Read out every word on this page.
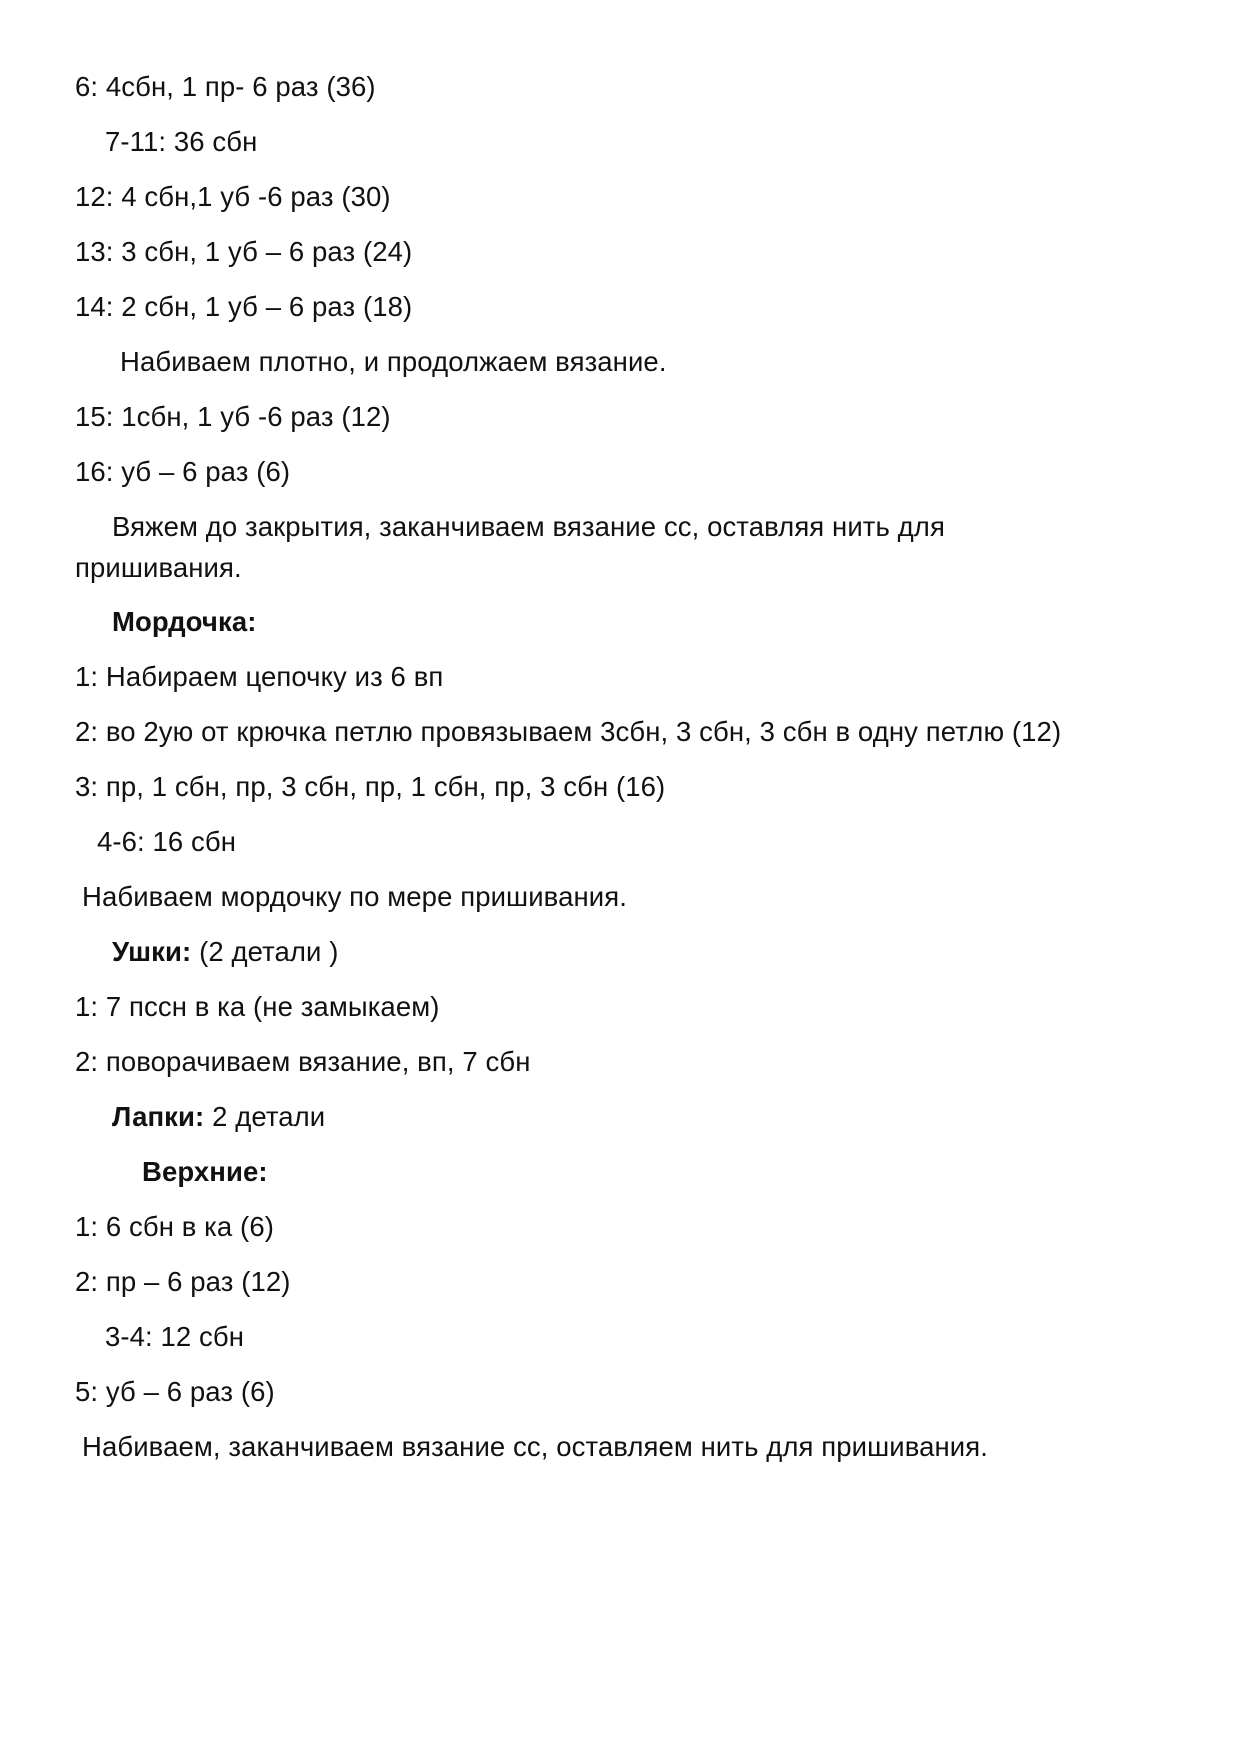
6: 4сбн, 1 пр- 6 раз (36)
7-11: 36 сбн
12: 4 сбн,1 уб -6 раз (30)
13: 3 сбн, 1 уб – 6 раз (24)
14: 2 сбн, 1 уб – 6 раз (18)
Набиваем плотно, и продолжаем вязание.
15: 1сбн, 1 уб -6 раз (12)
16: уб – 6 раз (6)
Вяжем до закрытия, заканчиваем вязание сс, оставляя нить для
пришивания.
Мордочка:
1: Набираем цепочку из 6 вп
2: во 2ую от крючка петлю провязываем 3сбн, 3 сбн, 3 сбн в одну петлю (12)
3: пр, 1 сбн, пр, 3 сбн, пр, 1 сбн, пр, 3 сбн (16)
4-6: 16 сбн
Набиваем мордочку по мере пришивания.
Ушки: (2 детали )
1: 7 пссн в ка (не замыкаем)
2: поворачиваем вязание, вп, 7 сбн
Лапки: 2 детали
Верхние:
1: 6 сбн в ка (6)
2: пр – 6 раз (12)
3-4: 12 сбн
5: уб – 6 раз (6)
Набиваем, заканчиваем вязание сс, оставляем нить для пришивания.
